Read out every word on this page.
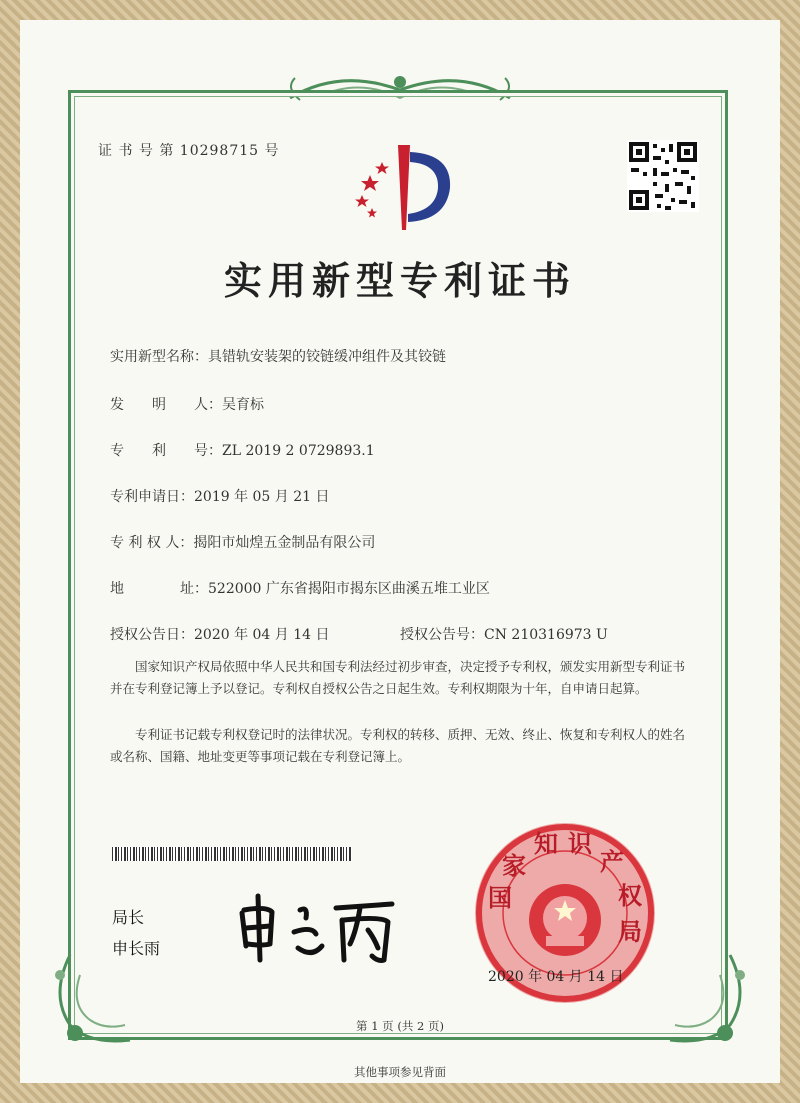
证 书 号 第 10298715 号
实用新型专利证书
实用新型名称：具错轨安装架的铰链缓冲组件及其铰链
发　　明　　人：吴育标
专　　利　　号：ZL 2019 2 0729893.1
专利申请日：2019 年 05 月 21 日
专 利 权 人：揭阳市灿煌五金制品有限公司
地　　　　址：522000 广东省揭阳市揭东区曲溪五堆工业区
授权公告日：2020 年 04 月 14 日	授权公告号：CN 210316973 U
国家知识产权局依照中华人民共和国专利法经过初步审查，决定授予专利权，颁发实用新型专利证书并在专利登记簿上予以登记。专利权自授权公告之日起生效。专利权期限为十年，自申请日起算。
专利证书记载专利权登记时的法律状况。专利权的转移、质押、无效、终止、恢复和专利权人的姓名或名称、国籍、地址变更等事项记载在专利登记簿上。
局长
申长雨
国
家
知 识
产
权
局
2020 年 04 月 14 日
第 1 页 (共 2 页)
其他事项参见背面
